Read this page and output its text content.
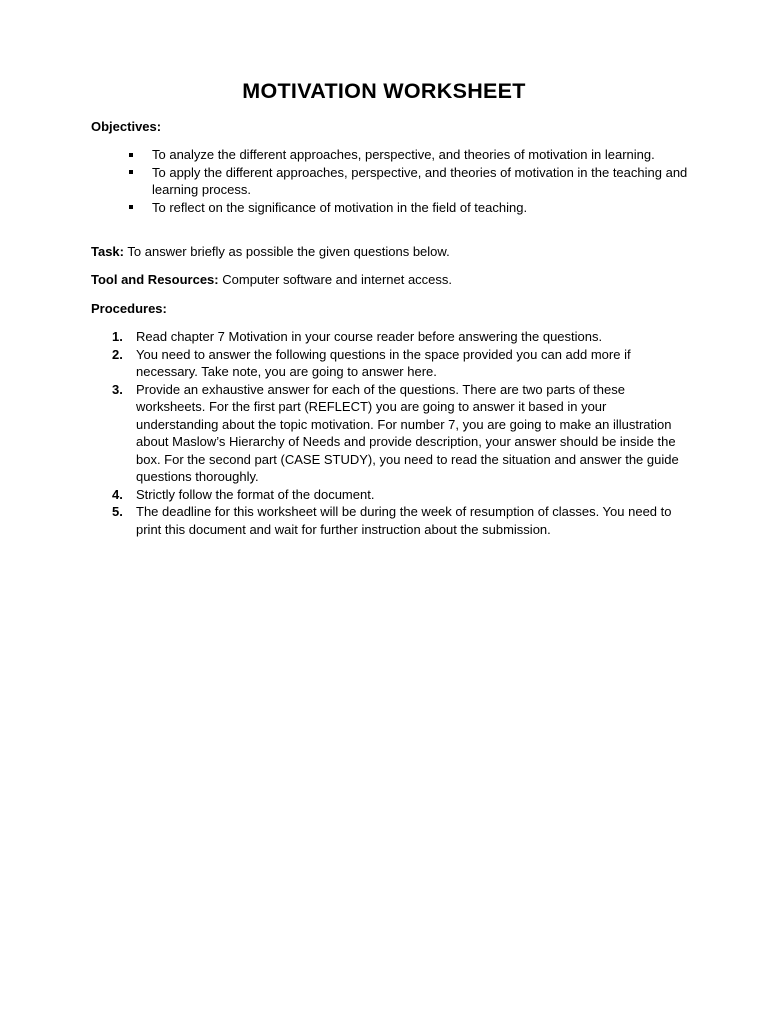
MOTIVATION WORKSHEET
Objectives:
To analyze the different approaches, perspective, and theories of motivation in learning.
To apply the different approaches, perspective, and theories of motivation in the teaching and learning process.
To reflect on the significance of motivation in the field of teaching.
Task: To answer briefly as possible the given questions below.
Tool and Resources: Computer software and internet access.
Procedures:
1. Read chapter 7 Motivation in your course reader before answering the questions.
2. You need to answer the following questions in the space provided you can add more if necessary. Take note, you are going to answer here.
3. Provide an exhaustive answer for each of the questions. There are two parts of these worksheets. For the first part (REFLECT) you are going to answer it based in your understanding about the topic motivation. For number 7, you are going to make an illustration about Maslow’s Hierarchy of Needs and provide description, your answer should be inside the box. For the second part (CASE STUDY), you need to read the situation and answer the guide questions thoroughly.
4. Strictly follow the format of the document.
5. The deadline for this worksheet will be during the week of resumption of classes. You need to print this document and wait for further instruction about the submission.
